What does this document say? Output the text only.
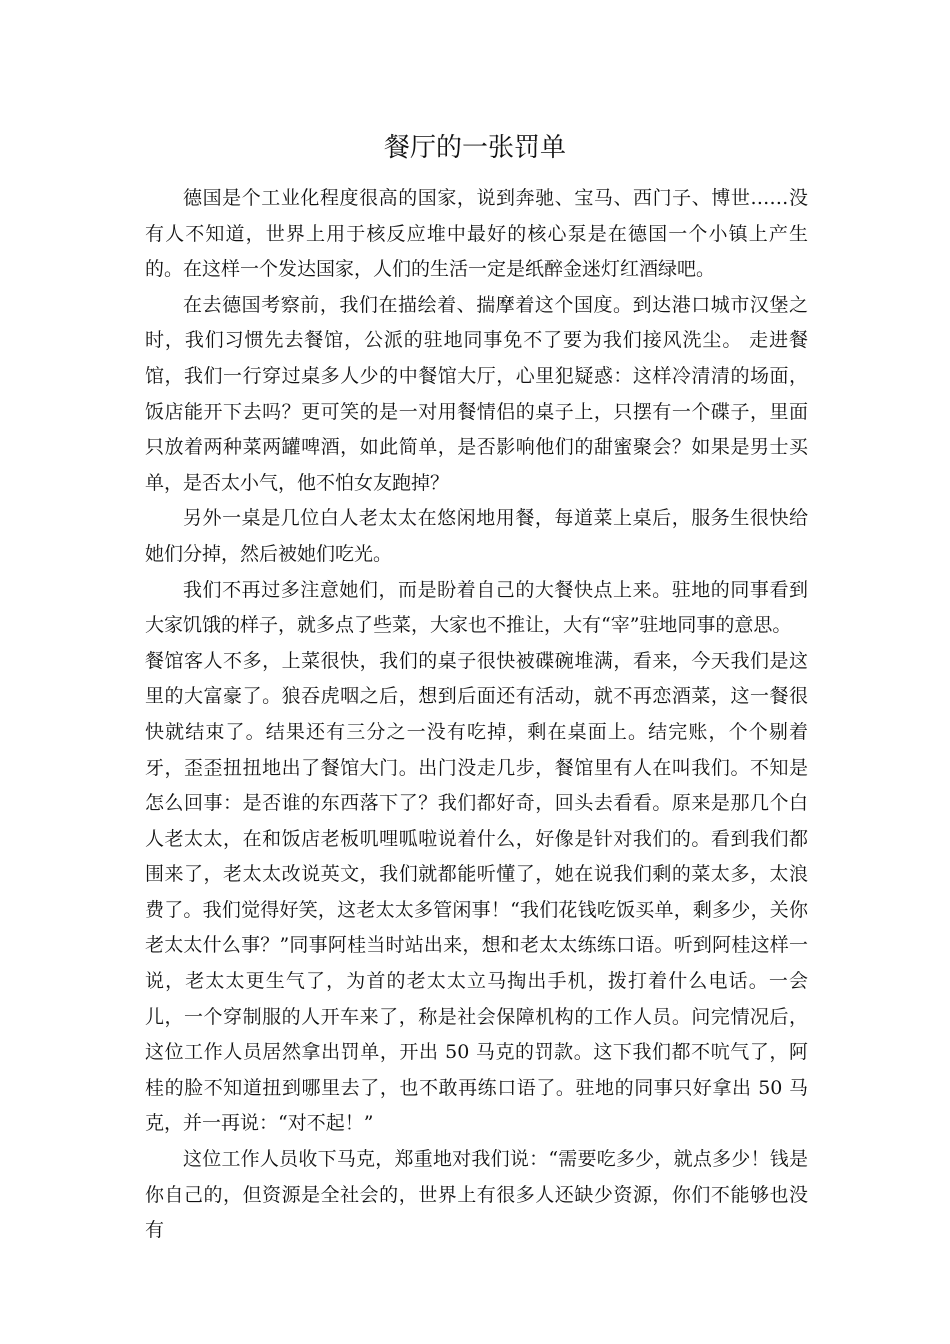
餐厅的一张罚单

德国是个工业化程度很高的国家，说到奔驰、宝马、西门子、博世……没有人不知道，世界上用于核反应堆中最好的核心泵是在德国一个小镇上产生的。在这样一个发达国家，人们的生活一定是纸醉金迷灯红酒绿吧。

在去德国考察前，我们在描绘着、揣摩着这个国度。到达港口城市汉堡之时，我们习惯先去餐馆，公派的驻地同事免不了要为我们接风洗尘。 走进餐馆，我们一行穿过桌多人少的中餐馆大厅，心里犯疑惑：这样冷清清的场面，饭店能开下去吗？更可笑的是一对用餐情侣的桌子上，只摆有一个碟子，里面只放着两种菜两罐啤酒，如此简单，是否影响他们的甜蜜聚会？如果是男士买单，是否太小气，他不怕女友跑掉？

另外一桌是几位白人老太太在悠闲地用餐，每道菜上桌后，服务生很快给她们分掉，然后被她们吃光。

我们不再过多注意她们，而是盼着自己的大餐快点上来。驻地的同事看到大家饥饿的样子，就多点了些菜，大家也不推让，大有“宰”驻地同事的意思。

餐馆客人不多，上菜很快，我们的桌子很快被碟碗堆满，看来，今天我们是这里的大富豪了。狼吞虎咽之后，想到后面还有活动，就不再恋酒菜，这一餐很快就结束了。结果还有三分之一没有吃掉，剩在桌面上。结完账，个个剔着牙，歪歪扭扭地出了餐馆大门。出门没走几步，餐馆里有人在叫我们。不知是怎么回事：是否谁的东西落下了？我们都好奇，回头去看看。原来是那几个白人老太太，在和饭店老板叽哩呱啦说着什么，好像是针对我们的。看到我们都围来了，老太太改说英文，我们就都能听懂了，她在说我们剩的菜太多，太浪费了。我们觉得好笑，这老太太多管闲事！“我们花钱吃饭买单，剩多少，关你老太太什么事？”同事阿桂当时站出来，想和老太太练练口语。听到阿桂这样一说，老太太更生气了，为首的老太太立马掏出手机，拨打着什么电话。一会儿，一个穿制服的人开车来了，称是社会保障机构的工作人员。问完情况后，这位工作人员居然拿出罚单，开出 50 马克的罚款。这下我们都不吭气了，阿桂的脸不知道扭到哪里去了，也不敢再练口语了。驻地的同事只好拿出 50 马克，并一再说：“对不起！”

这位工作人员收下马克，郑重地对我们说：“需要吃多少，就点多少！钱是你自己的，但资源是全社会的，世界上有很多人还缺少资源，你们不能够也没有
